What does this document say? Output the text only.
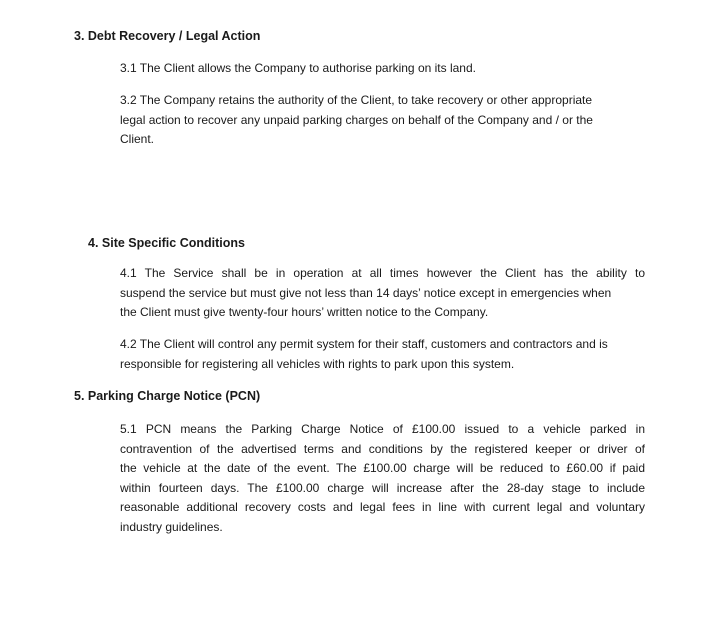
3. Debt Recovery / Legal Action
3.1 The Client allows the Company to authorise parking on its land.
3.2 The Company retains the authority of the Client, to take recovery or other appropriate
legal action to recover any unpaid parking charges on behalf of the Company and / or the
Client.
4. Site Specific Conditions
4.1 The Service shall be in operation at all times however the Client has the ability to
suspend the service but must give not less than 14 days’ notice except in emergencies when
the Client must give twenty-four hours’ written notice to the Company.
4.2 The Client will control any permit system for their staff, customers and contractors and is
responsible for registering all vehicles with rights to park upon this system.
5. Parking Charge Notice (PCN)
5.1 PCN means the Parking Charge Notice of £100.00 issued to a vehicle parked in
contravention of the advertised terms and conditions by the registered keeper or driver of
the vehicle at the date of the event. The £100.00 charge will be reduced to £60.00 if paid
within fourteen days. The £100.00 charge will increase after the 28-day stage to include
reasonable additional recovery costs and legal fees in line with current legal and voluntary
industry guidelines.
